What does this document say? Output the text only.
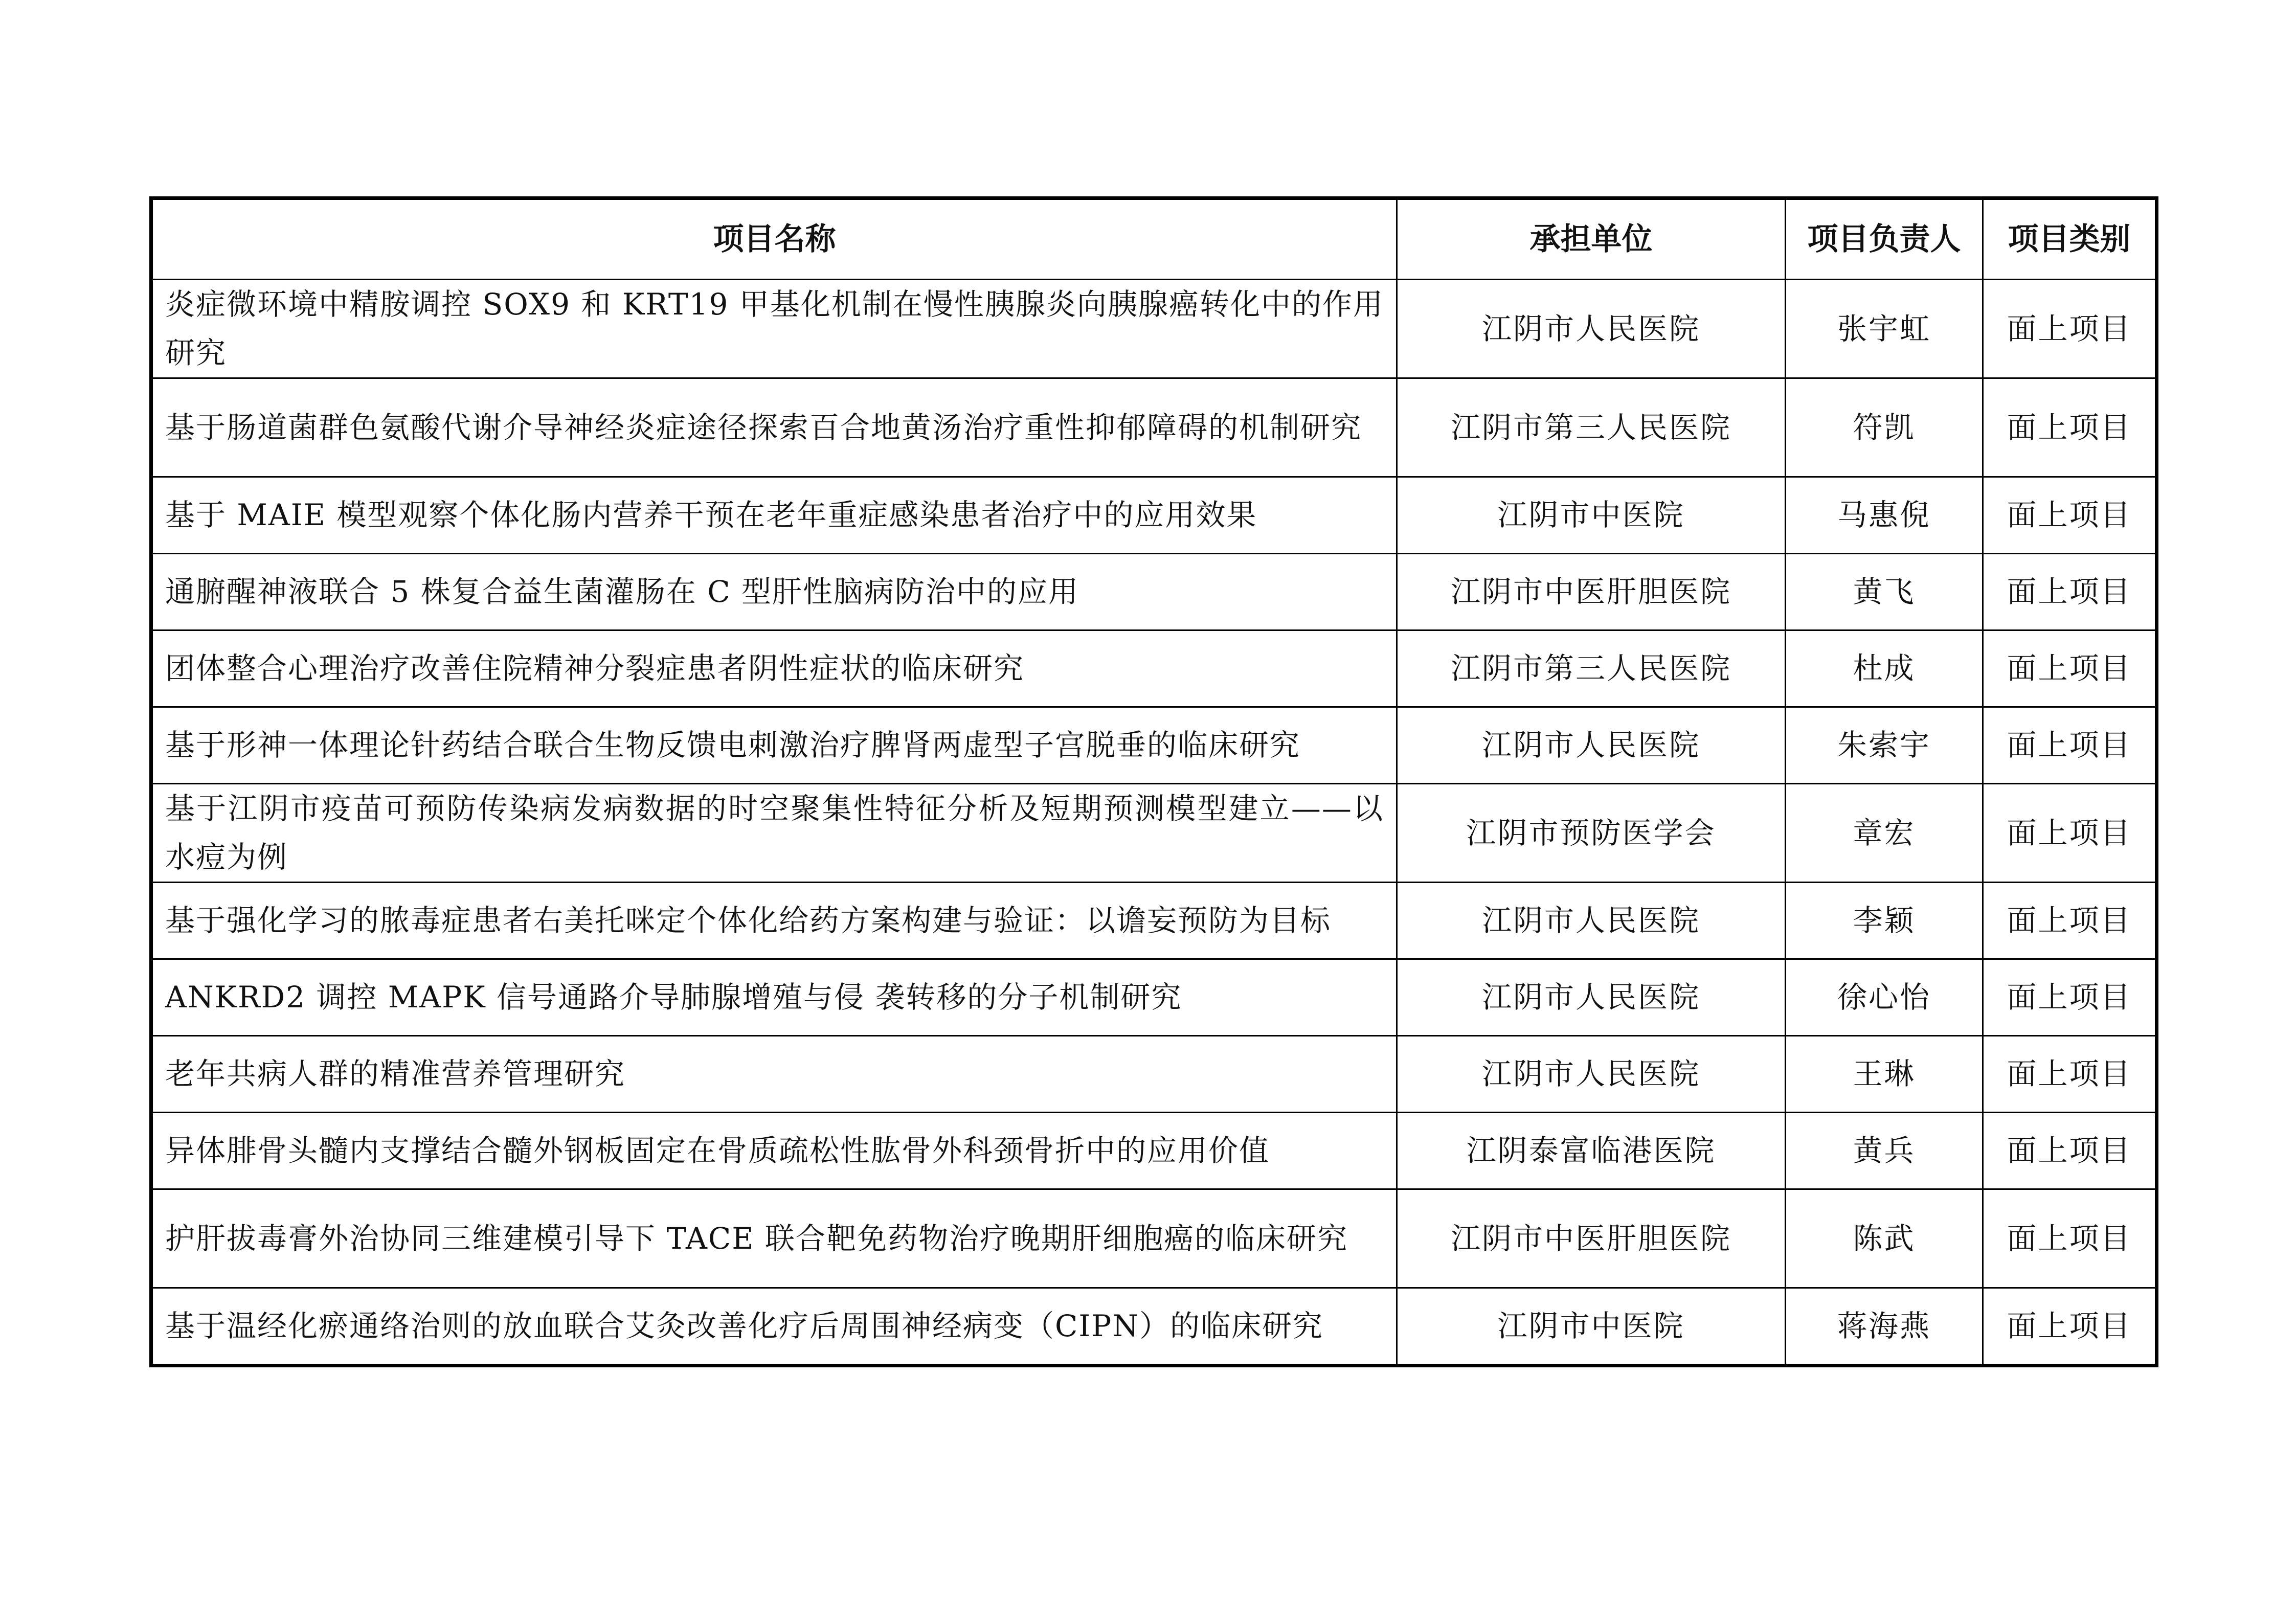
项目名称	承担单位	项目负责人	项目类别
炎症微环境中精胺调控 SOX9 和 KRT19 甲基化机制在慢性胰腺炎向胰腺癌转化中的作用研究	江阴市人民医院	张宇虹	面上项目
基于肠道菌群色氨酸代谢介导神经炎症途径探索百合地黄汤治疗重性抑郁障碍的机制研究	江阴市第三人民医院	符凯	面上项目
基于 MAIE 模型观察个体化肠内营养干预在老年重症感染患者治疗中的应用效果	江阴市中医院	马惠倪	面上项目
通腑醒神液联合 5 株复合益生菌灌肠在 C 型肝性脑病防治中的应用	江阴市中医肝胆医院	黄飞	面上项目
团体整合心理治疗改善住院精神分裂症患者阴性症状的临床研究	江阴市第三人民医院	杜成	面上项目
基于形神一体理论针药结合联合生物反馈电刺激治疗脾肾两虚型子宫脱垂的临床研究	江阴市人民医院	朱索宇	面上项目
基于江阴市疫苗可预防传染病发病数据的时空聚集性特征分析及短期预测模型建立——以水痘为例	江阴市预防医学会	章宏	面上项目
基于强化学习的脓毒症患者右美托咪定个体化给药方案构建与验证：以谵妄预防为目标	江阴市人民医院	李颖	面上项目
ANKRD2 调控 MAPK 信号通路介导肺腺增殖与侵 袭转移的分子机制研究	江阴市人民医院	徐心怡	面上项目
老年共病人群的精准营养管理研究	江阴市人民医院	王琳	面上项目
异体腓骨头髓内支撑结合髓外钢板固定在骨质疏松性肱骨外科颈骨折中的应用价值	江阴泰富临港医院	黄兵	面上项目
护肝拔毒膏外治协同三维建模引导下 TACE 联合靶免药物治疗晚期肝细胞癌的临床研究	江阴市中医肝胆医院	陈武	面上项目
基于温经化瘀通络治则的放血联合艾灸改善化疗后周围神经病变（CIPN）的临床研究	江阴市中医院	蒋海燕	面上项目
